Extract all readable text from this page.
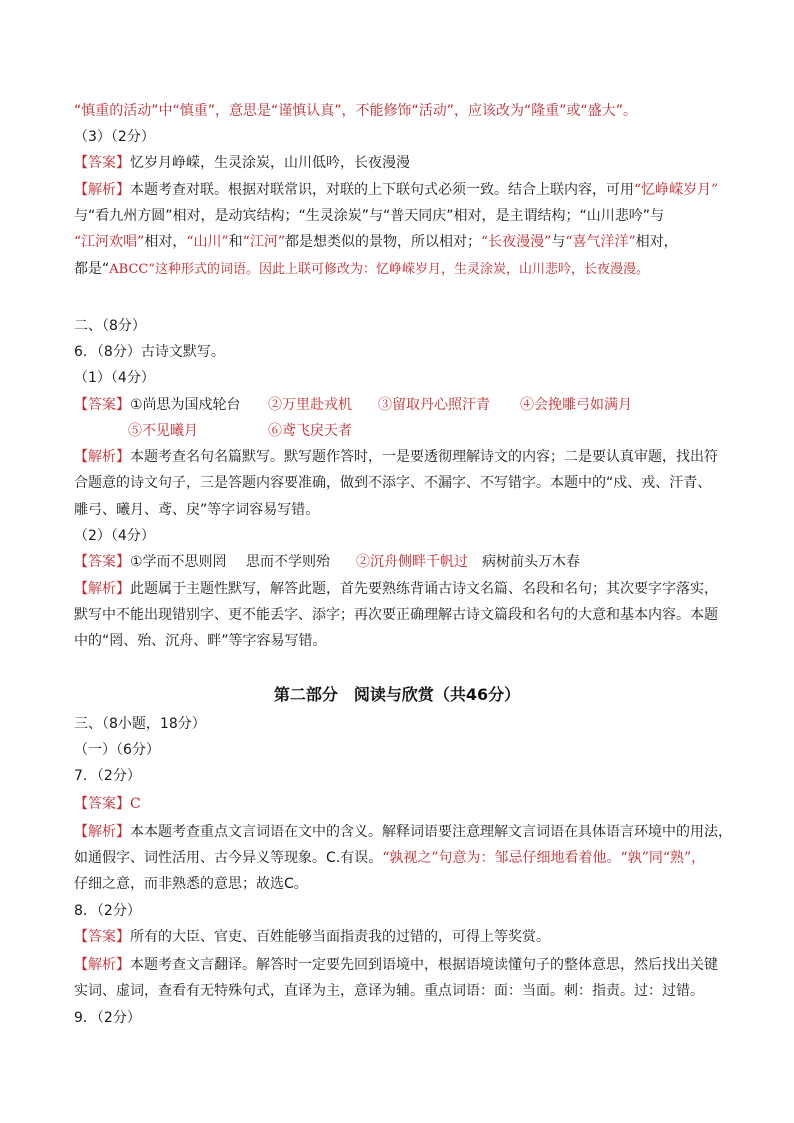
“慎重的活动”中“慎重”，意思是“谨慎认真”，不能修饰“活动”，应该改为“隆重”或“盛大”。
（3）（2分）
【答案】忆岁月峥嵘，生灵涂炭，山川低吟，长夜漫漫
【解析】本题考查对联。根据对联常识，对联的上下联句式必须一致。结合上联内容，可用“忆峥嵘岁月”
与“看九州方圆”相对，是动宾结构；“生灵涂炭”与“普天同庆”相对，是主谓结构；“山川悲吟”与
“江河欢唱”相对，“山川”和“江河”都是想类似的景物，所以相对；“长夜漫漫”与“喜气洋洋”相对，
都是“ABCC”这种形式的词语。因此上联可修改为：忆峥嵘岁月，生灵涂炭，山川悲吟，长夜漫漫。
二、（8分）
6．（8分）古诗文默写。
（1）（4分）
【答案】 ①尚思为国戍轮台 ②万里赴戎机 ③留取丹心照汗青 ④会挽雕弓如满月
⑤不见曦月	⑥鸢飞戾天者
【解析】本题考查名句名篇默写。默写题作答时，一是要透彻理解诗文的内容；二是要认真审题，找出符
合题意的诗文句子，三是答题内容要准确，做到不添字、不漏字、不写错字。本题中的“戍、戎、汗青、
雕弓、曦月、鸢、戾”等字词容易写错。
（2）（4分）
【答案】 ①学而不思则罔 思而不学则殆 ②沉舟侧畔千帆过 病树前头万木春
【解析】此题属于主题性默写，解答此题，首先要熟练背诵古诗文名篇、名段和名句；其次要字字落实，
默写中不能出现错别字、更不能丢字、添字；再次要正确理解古诗文篇段和名句的大意和基本内容。本题
中的“罔、殆、沉舟、畔”等字容易写错。
第二部分　阅读与欣赏（共46分）
三、（8小题，18分）
（一）（6分）
7．（2分）
【答案】C
【解析】本本题考查重点文言词语在文中的含义。解释词语要注意理解文言词语在具体语言环境中的用法，
如通假字、词性活用、古今异义等现象。C.有误。“孰视之”句意为：邹忌仔细地看着他。“孰”同“熟”，
仔细之意，而非熟悉的意思；故选C。
8．（2分）
【答案】所有的大臣、官吏、百姓能够当面指责我的过错的，可得上等奖赏。
【解析】本题考查文言翻译。解答时一定要先回到语境中，根据语境读懂句子的整体意思，然后找出关键
实词、虚词，查看有无特殊句式，直译为主，意译为辅。重点词语：面：当面。刺：指责。过：过错。
9．（2分）
